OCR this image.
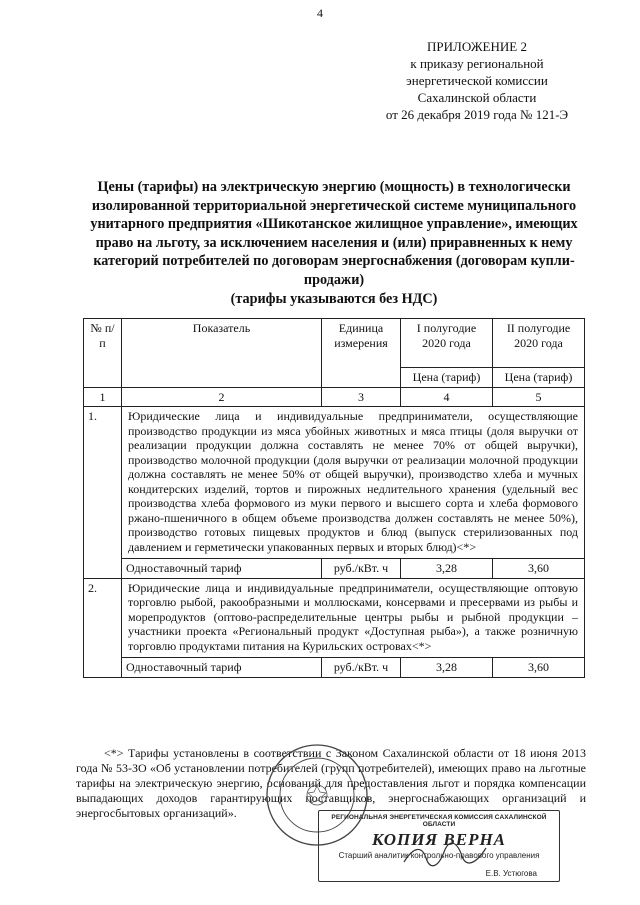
4
ПРИЛОЖЕНИЕ 2
к приказу региональной
энергетической комиссии
Сахалинской области
от 26 декабря 2019 года № 121-Э
Цены (тарифы) на электрическую энергию (мощность) в технологически изолированной территориальной энергетической системе муниципального унитарного предприятия «Шикотанское жилищное управление», имеющих право на льготу, за исключением населения и (или) приравненных к нему категорий потребителей по договорам энергоснабжения (договорам купли-продажи)
(тарифы указываются без НДС)
№ п/п	Показатель	Единица измерения	I полугодие 2020 года	II полугодие 2020 года
			Цена (тариф)	Цена (тариф)
1	2	3	4	5
1.	Юридические лица и индивидуальные предприниматели, осуществляющие производство продукции из мяса убойных животных и мяса птицы (доля выручки от реализации продукции должна составлять не менее 70% от общей выручки), производство молочной продукции (доля выручки от реализации молочной продукции должна составлять не менее 50% от общей выручки), производство хлеба и мучных кондитерских изделий, тортов и пирожных недлительного хранения (удельный вес производства хлеба формового из муки первого и высшего сорта и хлеба формового ржано-пшеничного в общем объеме производства должен составлять не менее 50%), производство готовых пищевых продуктов и блюд (выпуск стерилизованных под давлением и герметически упакованных первых и вторых блюд)<*>			
	Одноставочный тариф	руб./кВт. ч	3,28	3,60
2.	Юридические лица и индивидуальные предприниматели, осуществляющие оптовую торговлю рыбой, ракообразными и моллюсками, консервами и пресервами из рыбы и морепродуктов (оптово-распределительные центры рыбы и рыбной продукции – участники проекта «Региональный продукт «Доступная рыба»), а также розничную торговлю продуктами питания на Курильских островах<*>			
	Одноставочный тариф	руб./кВт. ч	3,28	3,60
<*> Тарифы установлены в соответствии с Законом Сахалинской области от 18 июня 2013 года № 53-ЗО «Об установлении потребителей (групп потребителей), имеющих право на льготные тарифы на электрическую энергию, оснований для предоставления льгот и порядка компенсации выпадающих доходов гарантирующих поставщиков, энергоснабжающих организаций и энергосбытовых организаций».	РЕГИОНАЛЬНАЯ ЭНЕРГЕТИЧЕСКАЯ КОМИССИЯ САХАЛИНСКОЙ ОБЛАСТИ
КОПИЯ ВЕРНА
Старший аналитик контрольно-правового управления
Е.В. Устюгова
